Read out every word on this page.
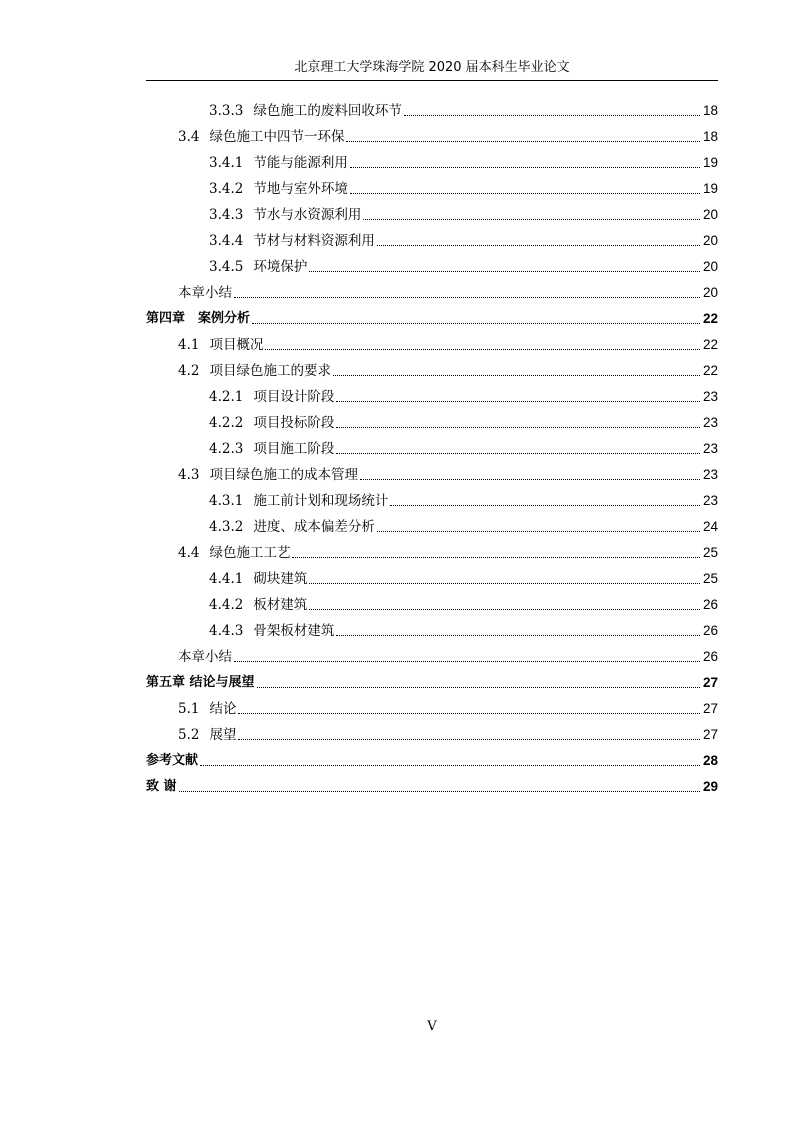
北京理工大学珠海学院 2020 届本科生毕业论文
3.3.3 绿色施工的废料回收环节	18
3.4 绿色施工中四节一环保	18
3.4.1 节能与能源利用	19
3.4.2 节地与室外环境	19
3.4.3 节水与水资源利用	20
3.4.4 节材与材料资源利用	20
3.4.5 环境保护	20
本章小结	20
第四章　案例分析	22
4.1 项目概况	22
4.2 项目绿色施工的要求	22
4.2.1 项目设计阶段	23
4.2.2 项目投标阶段	23
4.2.3 项目施工阶段	23
4.3 项目绿色施工的成本管理	23
4.3.1 施工前计划和现场统计	23
4.3.2 进度、成本偏差分析	24
4.4 绿色施工工艺	25
4.4.1 砌块建筑	25
4.4.2 板材建筑	26
4.4.3 骨架板材建筑	26
本章小结	26
第五章 结论与展望	27
5.1 结论	27
5.2 展望	27
参考文献	28
致 谢	29
V
